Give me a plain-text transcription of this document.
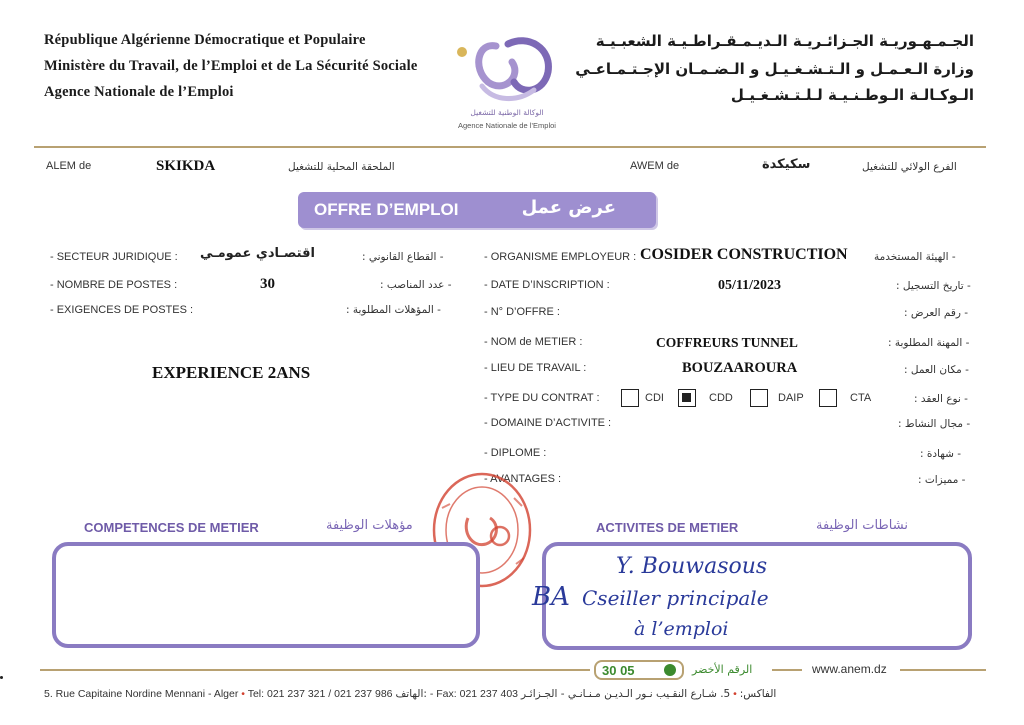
République Algérienne Démocratique et Populaire
Ministère du Travail, de l’Emploi et de La Sécurité Sociale
Agence Nationale de l’Emploi
الجـمـهـوريـة الجـزائـريـة الـديـمـقـراطـيـة الشعبـيـة
وزارة الـعـمـل و الـتـشـغـيـل و الـضـمـان الإجـتـمـاعـي
الـوكـالـة الـوطـنـيـة لـلـتـشـغـيـل
الوكالة الوطنية للتشغيل
Agence Nationale de l’Emploi
ALEM de	SKIKDA	الملحقة المحلية للتشغيل	AWEM de	سكيكدة	الفرع الولائي للتشغيل
OFFRE D’EMPLOI	عرض عمل
- SECTEUR JURIDIQUE : اقتصـادي عمومـي	- القطاع القانوني :
- NOMBRE DE POSTES :	30	- عدد المناصب :
- EXIGENCES DE POSTES :	- المؤهلات المطلوبة :
EXPERIENCE 2ANS
- ORGANISME EMPLOYEUR : COSIDER CONSTRUCTION	- الهيئة المستخدمة
- DATE D’INSCRIPTION :	05/11/2023	- تاريخ التسجيل :
- N° D’OFFRE :	- رقم العرض :
- NOM de METIER :	COFFREURS TUNNEL	- المهنة المطلوبة :
- LIEU DE TRAVAIL :	BOUZAAROURA	- مكان العمل :
- TYPE DU CONTRAT :	CDI	CDD	DAIP	CTA	- نوع العقد :
- DOMAINE D’ACTIVITE :	- مجال النشاط :
- DIPLOME :	- شهادة :
- AVANTAGES :	- مميزات :
COMPETENCES DE METIER	مؤهلات الوظيفة	ACTIVITES DE METIER	نشاطات الوظيفة
Y. Bouwasous
BA Cseiller principale
à l’emploi
30 05	الرقم الأخضر	www.anem.dz
5. Rue Capitaine Nordine Mennani - Alger • Tel: 021 237 321 / 021 237 986 الهاتف: - Fax: 021 237 403	الفاكس: • 5. شـارع النقـيب نـور الـديـن مـنـانـي - الجـزائـر
